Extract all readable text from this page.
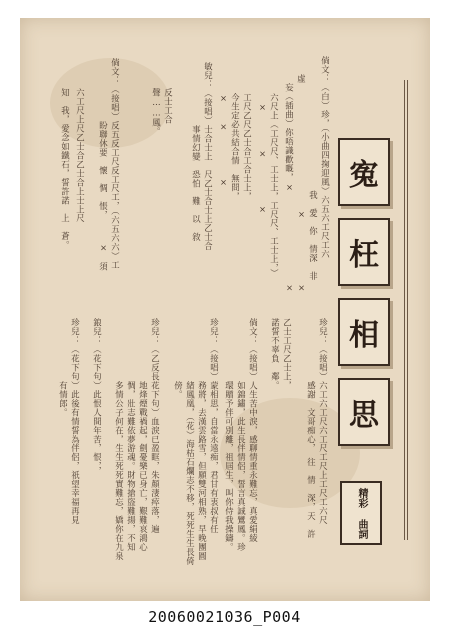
倘文：（白）珍，（小曲四掬迎風）六五六工尺工六
　　　　　　　　　　　　　　　我　愛　你　情深　非
　　虛　　　　　　　　　　　　　　×　　　　　　　×
　　　妄（插曲）你唔識歡嘅，×　　　　　　　　　　×
六尺上（工尺尺、工士上，工尺尺、工士上，）
　×　　　　×　　　　　×
工尺乙尺乙士合工合士上，
今生定必共結合情　無問，
×　　×　　　　　×
敏兒：（接唱）士合士上　尺乙士合士上乙士合
　　　　　　　事情幻變　恐怕　難　以　敘
反士工合
聲……鳳。
倘文：（接唱）反五反工尺反工尺工，（六五六六）工
　　　　　　　盼聯休要　懷　惆　悵，　　　×　須
六工尺上尺乙士合乙士合上士上尺
知　我，愛念如鐵石，誓許諾　上　蒼。	寃
枉
相
思
精彩 曲詞
珍兒：（接唱）六工六工尺六工尺工尺上工尺工六尺
　　　　　　　感謝　文哥痴心，　往　情　深，天　許
乙士工尺乙士上，
諾誓不辜負　鄰。
倘文：（接唱）人生苦中淚，感聊情重永難忘，真愛絹綾
　　　　　　　如錦鏽，此生長伴情侶，誓言真誠鸞鳳。珍
　　　　　　　環贈予伴可別離，祖屆生，叫你侍我操鑄。
珍兒：（接唱）蒙相思，自當永遠痴，君甘有衷叔有任
　　　　　　　務將，去漢雲路雪，但願雙河相熟，早晚團圓
　　　　　　　緒鳳凰，（花）海枯石爛志不移，死死生生長倚
　　　　　　　傍。
珍兒：（乙反長花下句）血淚已盈眶，朱顏淒瘁落，遍
　　　　　　　地烽煙戰禍起，劍憂樂已身亡，艱難哀鴻心
　　　　　　　惆，壯志難依夢游魂。財物搶盜難揚，不知
　　　　　　　多情公子何在，生生死死實難忘，嬌你在九泉
鋃兒：（花下句）此恨人間年苦，恨，，
珍兒：（花下句）此後有情誓為伴侶，祇望幸福再見
　　　　　　　有情郎。
20060021036_P004
